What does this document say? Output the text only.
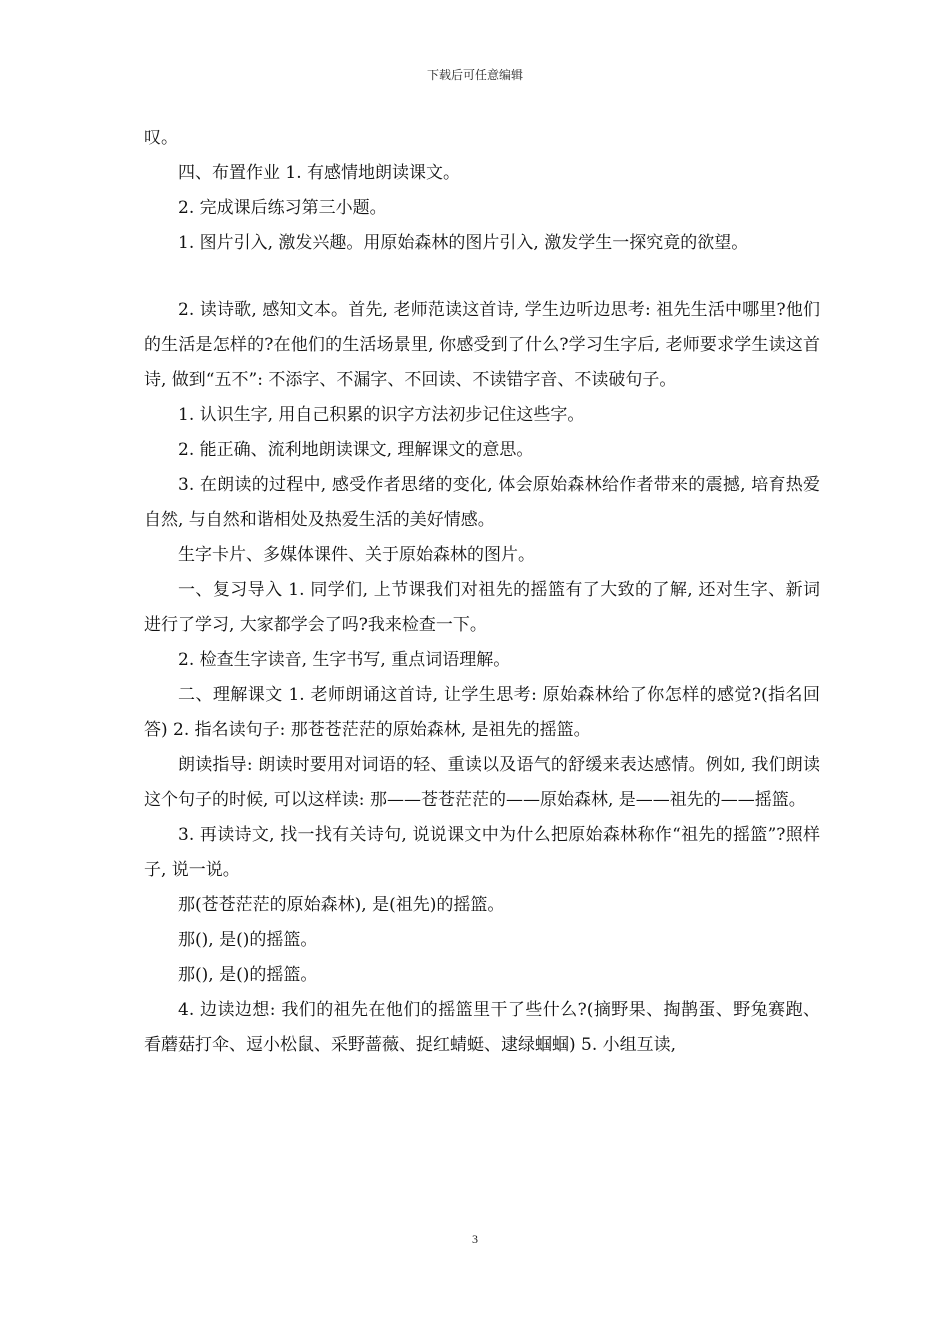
下载后可任意编辑

叹。

四、布置作业 1. 有感情地朗读课文。

2. 完成课后练习第三小题。

1. 图片引入, 激发兴趣。用原始森林的图片引入, 激发学生一探究竟的欲望。

2. 读诗歌, 感知文本。首先, 老师范读这首诗, 学生边听边思考: 祖先生活中哪里?他们的生活是怎样的?在他们的生活场景里, 你感受到了什么?学习生字后, 老师要求学生读这首诗, 做到“五不”: 不添字、不漏字、不回读、不读错字音、不读破句子。

1. 认识生字, 用自己积累的识字方法初步记住这些字。

2. 能正确、流利地朗读课文, 理解课文的意思。

3. 在朗读的过程中, 感受作者思绪的变化, 体会原始森林给作者带来的震撼, 培育热爱自然, 与自然和谐相处及热爱生活的美好情感。

生字卡片、多媒体课件、关于原始森林的图片。

一、复习导入 1. 同学们, 上节课我们对祖先的摇篮有了大致的了解, 还对生字、新词进行了学习, 大家都学会了吗?我来检查一下。

2. 检查生字读音, 生字书写, 重点词语理解。

二、理解课文 1. 老师朗诵这首诗, 让学生思考: 原始森林给了你怎样的感觉?(指名回答) 2. 指名读句子: 那苍苍茫茫的原始森林, 是祖先的摇篮。

朗读指导: 朗读时要用对词语的轻、重读以及语气的舒缓来表达感情。例如, 我们朗读这个句子的时候, 可以这样读: 那——苍苍茫茫的——原始森林, 是——祖先的——摇篮。

3. 再读诗文, 找一找有关诗句, 说说课文中为什么把原始森林称作“祖先的摇篮”?照样子, 说一说。

那(苍苍茫茫的原始森林), 是(祖先)的摇篮。

那(), 是()的摇篮。

那(), 是()的摇篮。

4. 边读边想: 我们的祖先在他们的摇篮里干了些什么?(摘野果、掏鹊蛋、野兔赛跑、看蘑菇打伞、逗小松鼠、采野蔷薇、捉红蜻蜓、逮绿蝈蝈) 5. 小组互读,

3
